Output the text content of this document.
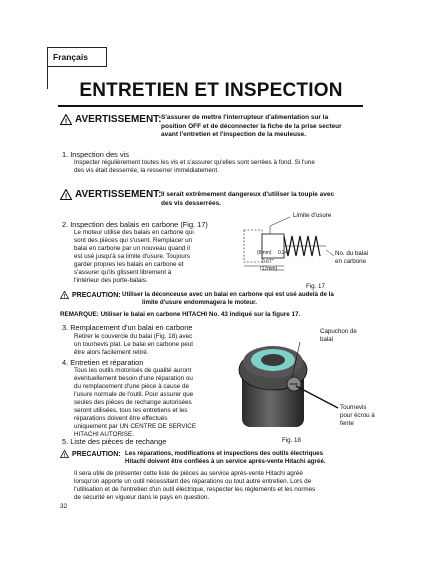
Français
ENTRETIEN ET INSPECTION
! AVERTISSEMENT: S'assurer de mettre l'interrupteur d'alimentation sur la
position OFF et de déconnecter la fiche de la prise secteur
avant l'entretien et l'inspection de la meuleuse.
1. Inspection des vis
Inspecter régulièrement toutes les vis et s'assurer qu'elles sont serrées à fond. Si l'une
des vis était desserrée, la resserrer immédiatement.
! AVERTISSEMENT: Il serait extrêmement dangereux d'utiliser la toupie avec
des vis desserrées.
2. Inspection des balais en carbone (Fig. 17)
Le moteur utilise des balais en carbone qui
sont des pièces qui s'usent. Remplacer un
balai en carbone par un nouveau quand il
est usé jusqu'à sa limite d'usure. Toujours
garder propres les balais en carbone et
s'assurer qu'ils glissent librement à
l'intérieur des porte-balais.
Limite d'usure
No. du balai
en carbone
(6mm) 0.24"
0.67"
(17mm)
Fig. 17
! PRECAUTION: Utiliser la déconceuse avec un balai en carbone qui est usé audelà de la
limite d'usure endommagera le moteur.
REMARQUE: Utiliser le balai en carbone HITACHI No. 43 indiqué sur la figure 17.
3. Remplacement d'un balai en carbone
Retirer le couvercle du balai (Fig. 18) avec
un tournevis plat. Le balai en carbone peut
être alors facilement retiré.
4. Entretien et réparation
Tous les outils motorisés de qualité auront
éventuellement besoin d'une réparation ou
du remplacement d'une pièce à cause de
l'usure normale de l'outil. Pour assurer que
seules des pièces de rechange autorisées
seront utilisées, tous les entretiens et les
réparations doivent être effectués
uniquement par UN CENTRE DE SERVICE
HITACHI AUTORISE.
5. Liste des pièces de rechange
Capuchon de
balai
Tournevis
pour écrou à
fente
Fig. 18
! PRECAUTION: Les réparations, modifications et inspections des outils électriques
Hitachi doivent être confiées à un service après-vente Hitachi agréé.
Il sera utile de présenter cette liste de pièces au service après-vente Hitachi agréé
lorsqu'on apporte un outil nécessitant des réparations ou tout autre entretien. Lors de
l'utilisation et de l'entretien d'un outil électrique, respecter les règlements et les normes
de sécurité en vigueur dans le pays en question.
32
